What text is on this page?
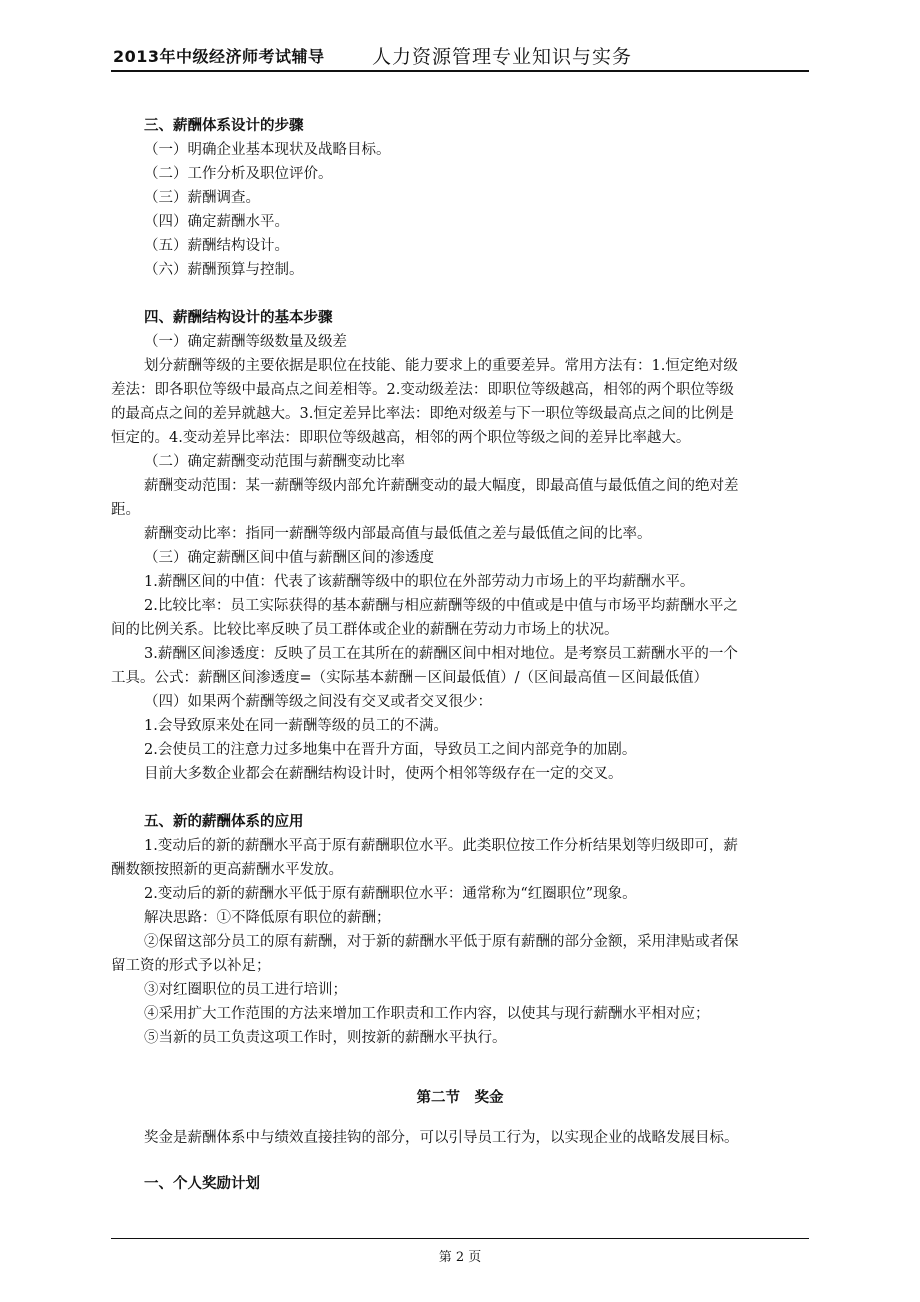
2013年中级经济师考试辅导 人力资源管理专业知识与实务
三、薪酬体系设计的步骤
（一）明确企业基本现状及战略目标。
（二）工作分析及职位评价。
（三）薪酬调查。
（四）确定薪酬水平。
（五）薪酬结构设计。
（六）薪酬预算与控制。
四、薪酬结构设计的基本步骤
（一）确定薪酬等级数量及级差
划分薪酬等级的主要依据是职位在技能、能力要求上的重要差异。常用方法有：1.恒定绝对级
差法：即各职位等级中最高点之间差相等。2.变动级差法：即职位等级越高，相邻的两个职位等级
的最高点之间的差异就越大。3.恒定差异比率法：即绝对级差与下一职位等级最高点之间的比例是
恒定的。4.变动差异比率法：即职位等级越高，相邻的两个职位等级之间的差异比率越大。
（二）确定薪酬变动范围与薪酬变动比率
薪酬变动范围：某一薪酬等级内部允许薪酬变动的最大幅度，即最高值与最低值之间的绝对差
距。
薪酬变动比率：指同一薪酬等级内部最高值与最低值之差与最低值之间的比率。
（三）确定薪酬区间中值与薪酬区间的渗透度
1.薪酬区间的中值：代表了该薪酬等级中的职位在外部劳动力市场上的平均薪酬水平。
2.比较比率：员工实际获得的基本薪酬与相应薪酬等级的中值或是中值与市场平均薪酬水平之
间的比例关系。比较比率反映了员工群体或企业的薪酬在劳动力市场上的状况。
3.薪酬区间渗透度：反映了员工在其所在的薪酬区间中相对地位。是考察员工薪酬水平的一个
工具。公式：薪酬区间渗透度=（实际基本薪酬－区间最低值）/（区间最高值－区间最低值）
（四）如果两个薪酬等级之间没有交叉或者交叉很少：
1.会导致原来处在同一薪酬等级的员工的不满。
2.会使员工的注意力过多地集中在晋升方面，导致员工之间内部竞争的加剧。
目前大多数企业都会在薪酬结构设计时，使两个相邻等级存在一定的交叉。
五、新的薪酬体系的应用
1.变动后的新的薪酬水平高于原有薪酬职位水平。此类职位按工作分析结果划等归级即可，薪
酬数额按照新的更高薪酬水平发放。
2.变动后的新的薪酬水平低于原有薪酬职位水平：通常称为“红圈职位”现象。
解决思路：①不降低原有职位的薪酬；
②保留这部分员工的原有薪酬，对于新的薪酬水平低于原有薪酬的部分金额，采用津贴或者保
留工资的形式予以补足；
③对红圈职位的员工进行培训；
④采用扩大工作范围的方法来增加工作职责和工作内容，以使其与现行薪酬水平相对应；
⑤当新的员工负责这项工作时，则按新的薪酬水平执行。
第二节　奖金
奖金是薪酬体系中与绩效直接挂钩的部分，可以引导员工行为，以实现企业的战略发展目标。
一、个人奖励计划
第 2 页
